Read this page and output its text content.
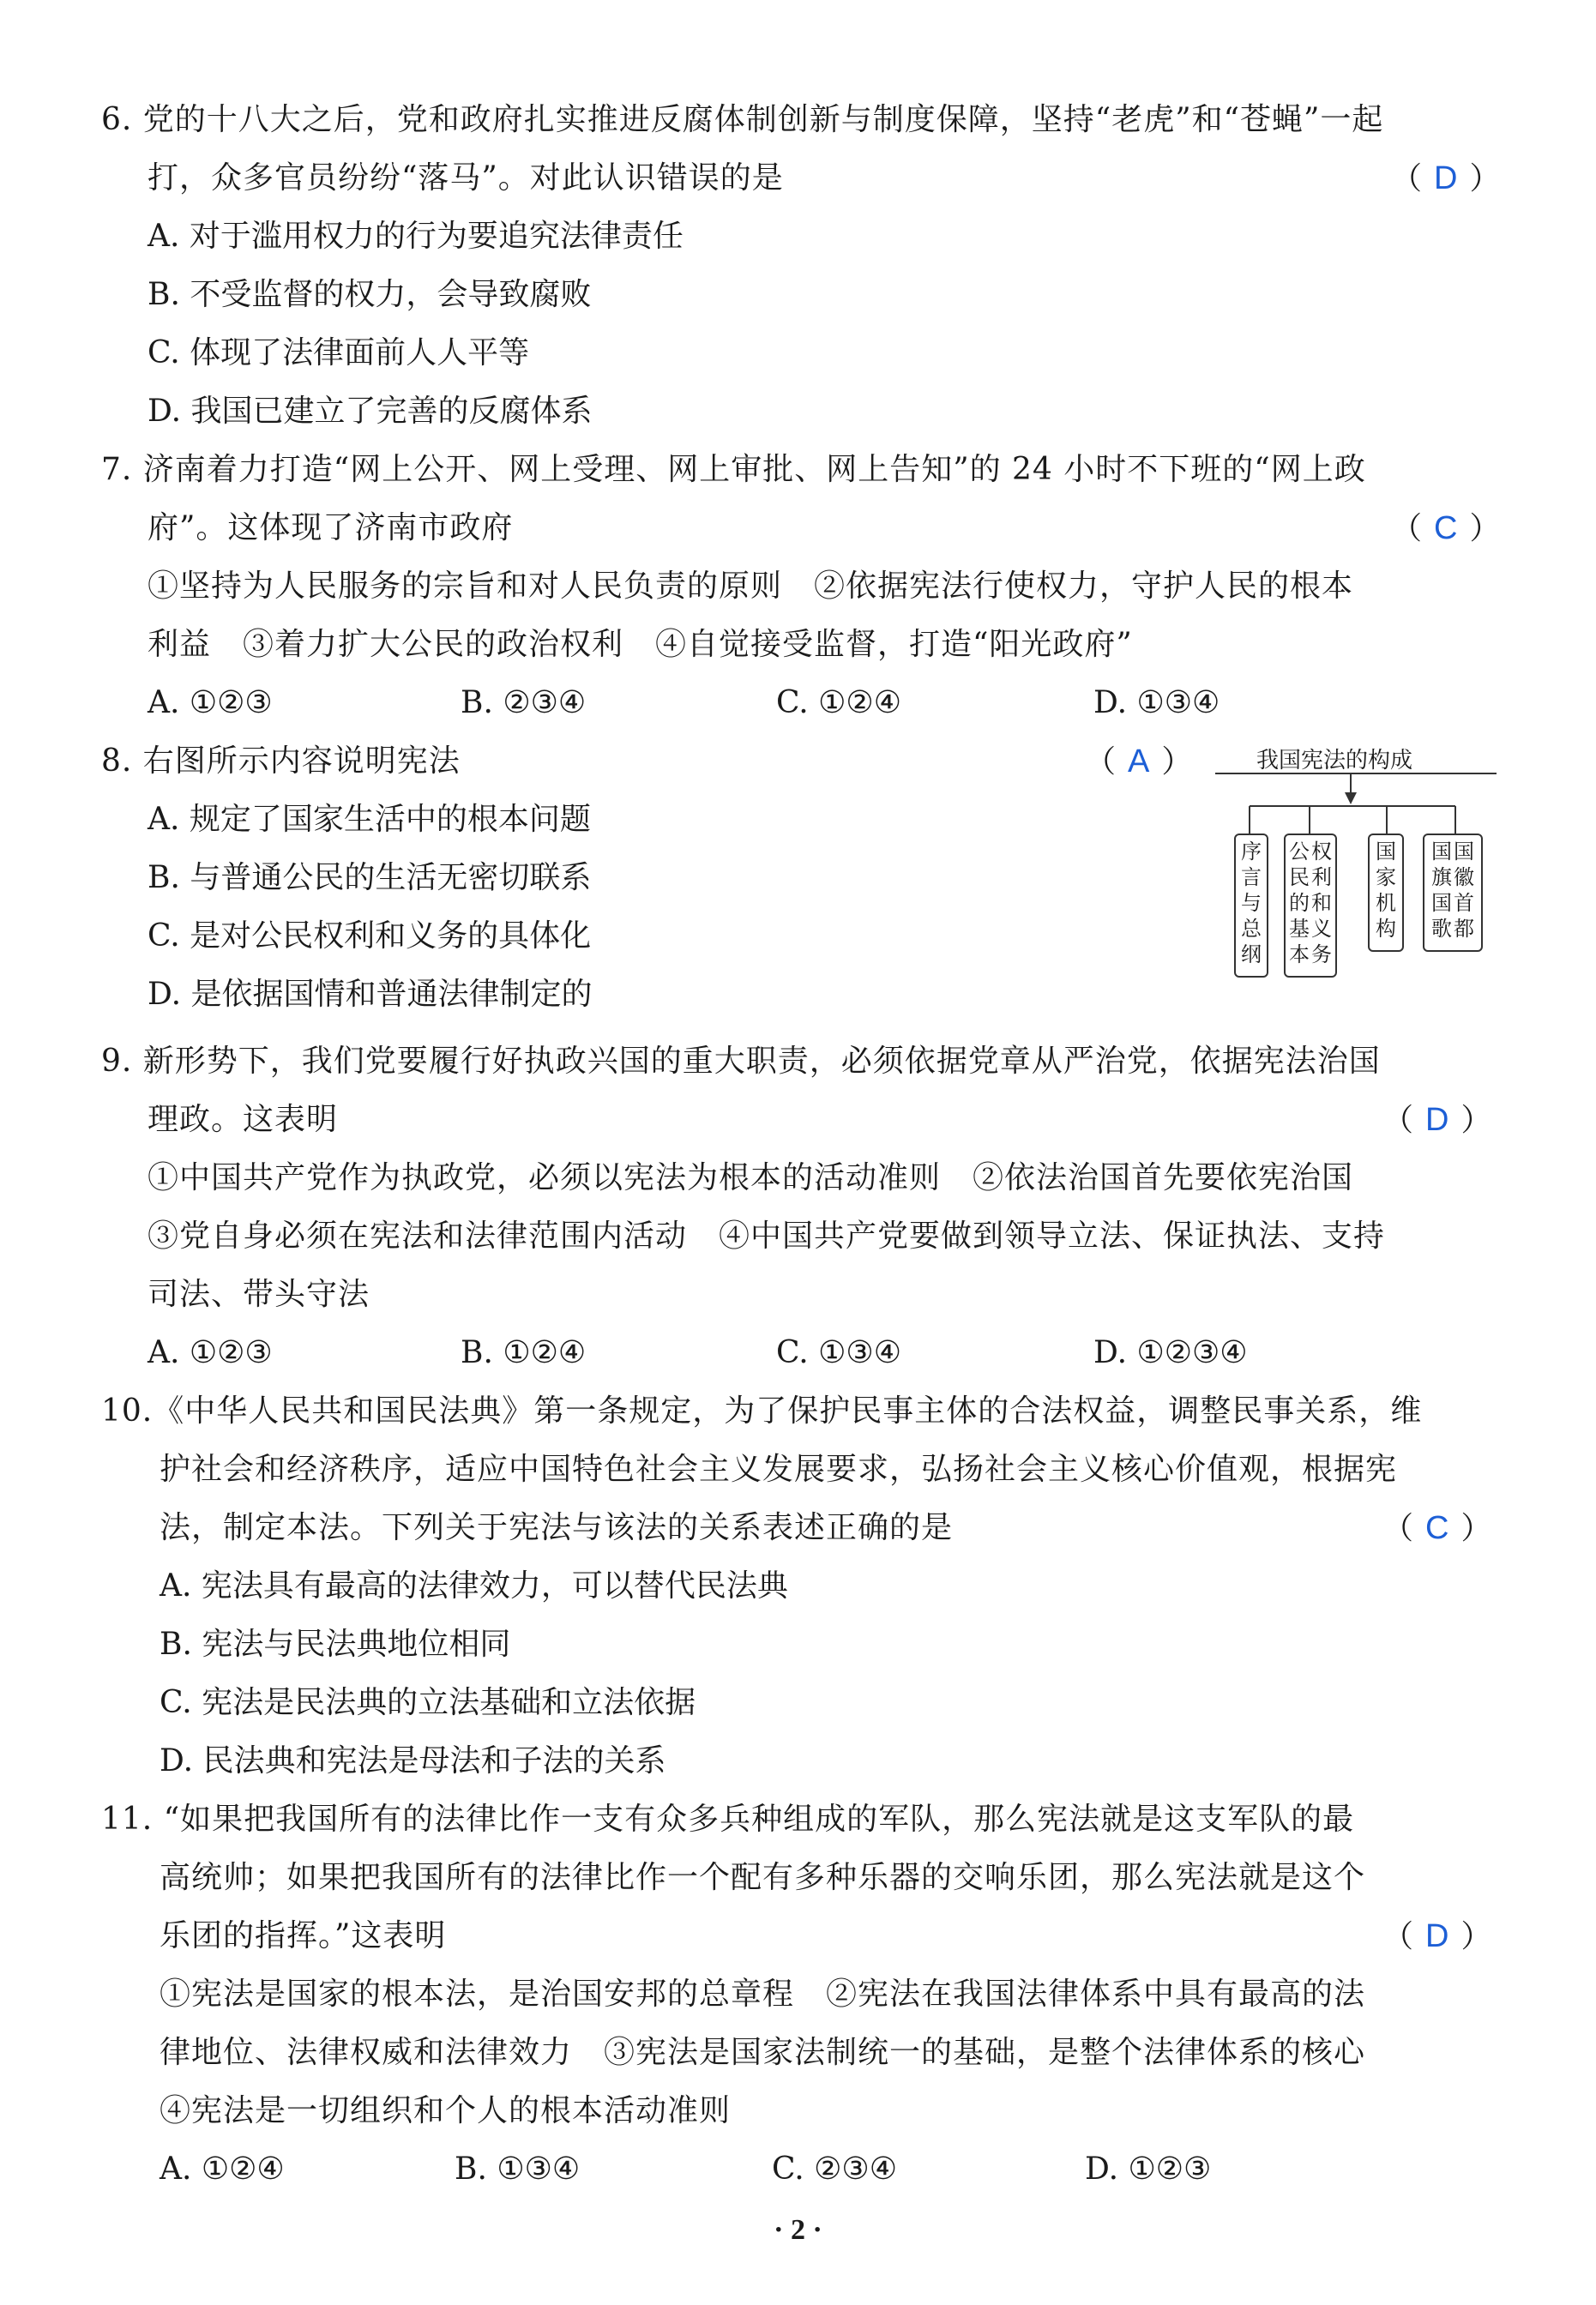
6. 党的十八大之后，党和政府扎实推进反腐体制创新与制度保障，坚持“老虎”和“苍蝇”一起
打，众多官员纷纷“落马”。对此认识错误的是	（ D ）
A. 对于滥用权力的行为要追究法律责任
B. 不受监督的权力，会导致腐败
C. 体现了法律面前人人平等
D. 我国已建立了完善的反腐体系
7. 济南着力打造“网上公开、网上受理、网上审批、网上告知”的 24 小时不下班的“网上政
府”。这体现了济南市政府	（ C ）
①坚持为人民服务的宗旨和对人民负责的原则　②依据宪法行使权力，守护人民的根本
利益　③着力扩大公民的政治权利　④自觉接受监督，打造“阳光政府”
A. ①②③	B. ②③④	C. ①②④	D. ①③④
8. 右图所示内容说明宪法	（ A ）
A. 规定了国家生活中的根本问题
B. 与普通公民的生活无密切联系
C. 是对公民权利和义务的具体化
D. 是依据国情和普通法律制定的
我国宪法的构成
序言与总纲
公民的基本权利和义务
国家机构
国旗国歌国徽首都
9. 新形势下，我们党要履行好执政兴国的重大职责，必须依据党章从严治党，依据宪法治国
理政。这表明	（ D ）
①中国共产党作为执政党，必须以宪法为根本的活动准则　②依法治国首先要依宪治国
③党自身必须在宪法和法律范围内活动　④中国共产党要做到领导立法、保证执法、支持
司法、带头守法
A. ①②③	B. ①②④	C. ①③④	D. ①②③④
10.《中华人民共和国民法典》第一条规定，为了保护民事主体的合法权益，调整民事关系，维
护社会和经济秩序，适应中国特色社会主义发展要求，弘扬社会主义核心价值观，根据宪
法，制定本法。下列关于宪法与该法的关系表述正确的是	（ C ）
A. 宪法具有最高的法律效力，可以替代民法典
B. 宪法与民法典地位相同
C. 宪法是民法典的立法基础和立法依据
D. 民法典和宪法是母法和子法的关系
11. “如果把我国所有的法律比作一支有众多兵种组成的军队，那么宪法就是这支军队的最
高统帅；如果把我国所有的法律比作一个配有多种乐器的交响乐团，那么宪法就是这个
乐团的指挥。”这表明	（ D ）
①宪法是国家的根本法，是治国安邦的总章程　②宪法在我国法律体系中具有最高的法
律地位、法律权威和法律效力　③宪法是国家法制统一的基础，是整个法律体系的核心
④宪法是一切组织和个人的根本活动准则
A. ①②④	B. ①③④	C. ②③④	D. ①②③
· 2 ·
